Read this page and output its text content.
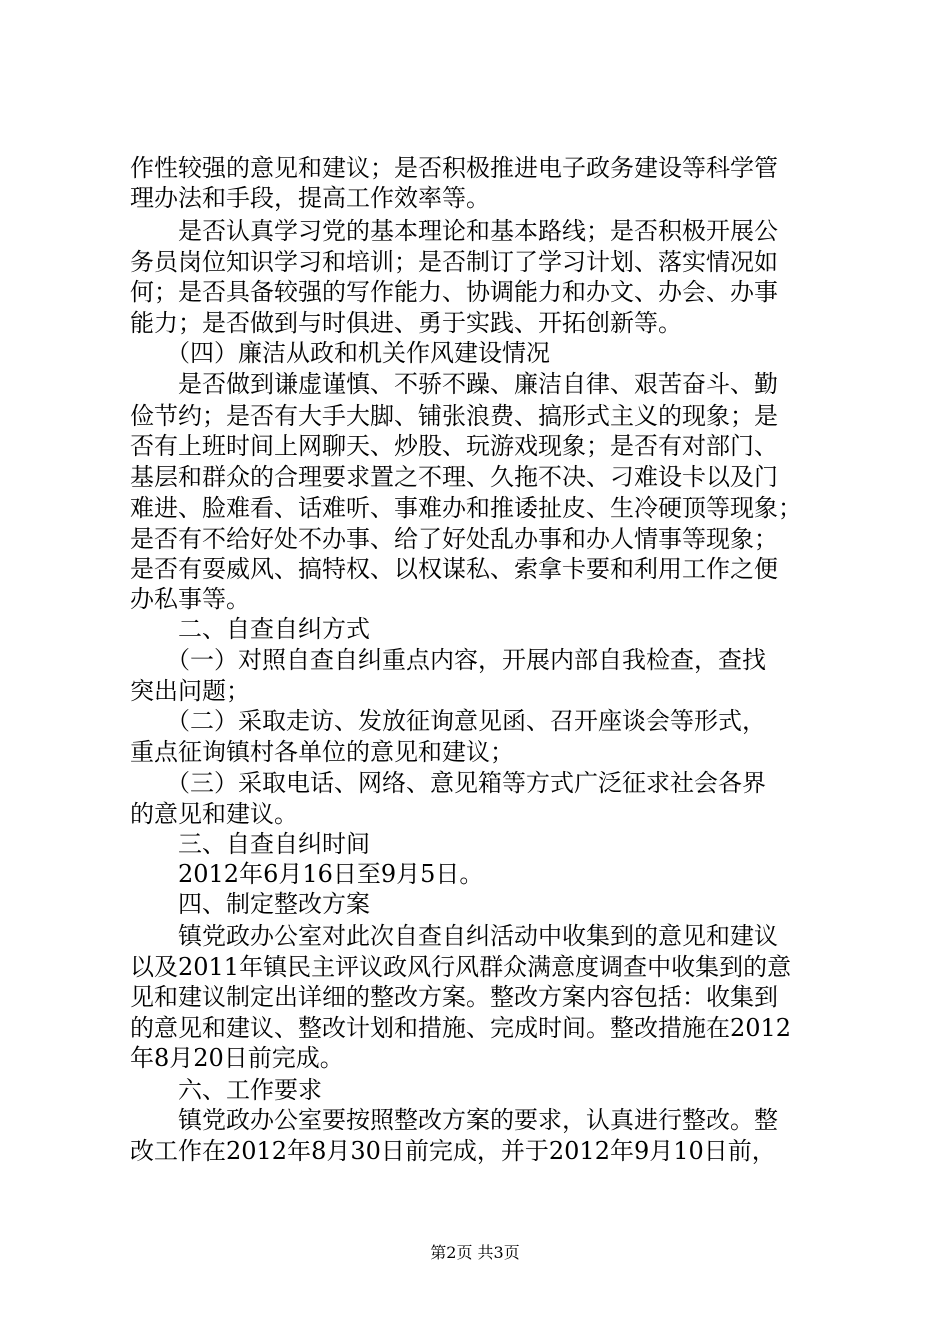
作性较强的意见和建议；是否积极推进电子政务建设等科学管
理办法和手段，提高工作效率等。
　　是否认真学习党的基本理论和基本路线；是否积极开展公
务员岗位知识学习和培训；是否制订了学习计划、落实情况如
何；是否具备较强的写作能力、协调能力和办文、办会、办事
能力；是否做到与时俱进、勇于实践、开拓创新等。
　　（四）廉洁从政和机关作风建设情况
　　是否做到谦虚谨慎、不骄不躁、廉洁自律、艰苦奋斗、勤
俭节约；是否有大手大脚、铺张浪费、搞形式主义的现象；是
否有上班时间上网聊天、炒股、玩游戏现象；是否有对部门、
基层和群众的合理要求置之不理、久拖不决、刁难设卡以及门
难进、脸难看、话难听、事难办和推诿扯皮、生冷硬顶等现象；
是否有不给好处不办事、给了好处乱办事和办人情事等现象；
是否有耍威风、搞特权、以权谋私、索拿卡要和利用工作之便
办私事等。
　　二、自查自纠方式
　　（一）对照自查自纠重点内容，开展内部自我检查，查找
突出问题；
　　（二）采取走访、发放征询意见函、召开座谈会等形式，
重点征询镇村各单位的意见和建议；
　　（三）采取电话、网络、意见箱等方式广泛征求社会各界
的意见和建议。
　　三、自查自纠时间
　　2012年6月16日至9月5日。
　　四、制定整改方案
　　镇党政办公室对此次自查自纠活动中收集到的意见和建议
以及2011年镇民主评议政风行风群众满意度调查中收集到的意
见和建议制定出详细的整改方案。整改方案内容包括：收集到
的意见和建议、整改计划和措施、完成时间。整改措施在2012
年8月20日前完成。
　　六、工作要求
　　镇党政办公室要按照整改方案的要求，认真进行整改。整
改工作在2012年8月30日前完成，并于2012年9月10日前，
第2页 共3页
